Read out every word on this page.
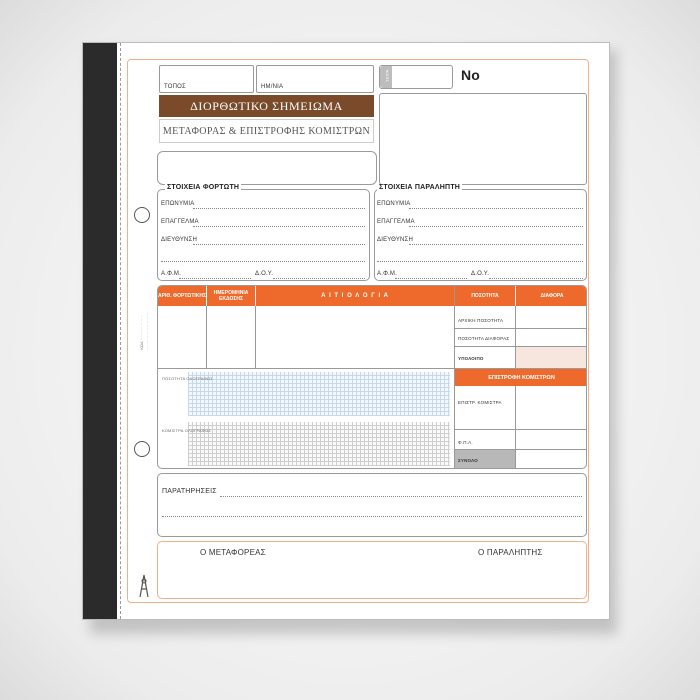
ΚΩΔ ·· ·· ·· ·· ·· ·· ··
·· ·· ·· ·· ·· ·· ·· ·· ·· ··
ΤΟΠΟΣ	ΗΜ/ΝΙΑ
ΔΙΟΡΘΩΤΙΚΟ ΣΗΜΕΙΩΜΑ
ΜΕΤΑΦΟΡΑΣ & ΕΠΙΣΤΡΟΦΗΣ ΚΟΜΙΣΤΡΩΝ
ΣΕΙΡΑ	No
ΣΤΟΙΧΕΙΑ ΦΟΡΤΩΤΗ
ΕΠΩΝΥΜΙΑ
ΕΠΑΓΓΕΛΜΑ
ΔΙΕΥΘΥΝΣΗ
Α.Φ.Μ.	Δ.Ο.Υ.
ΣΤΟΙΧΕΙΑ ΠΑΡΑΛΗΠΤΗ
ΕΠΩΝΥΜΙΑ
ΕΠΑΓΓΕΛΜΑ
ΔΙΕΥΘΥΝΣΗ
Α.Φ.Μ.	Δ.Ο.Υ.
ΑΡΙΘ. ΦΟΡΤΩΤΙΚΗΣ	ΗΜΕΡΟΜΗΝΙΑ ΕΚΔΟΣΗΣ	Α Ι Τ Ι Ο Λ Ο Γ Ι Α	ΠΟΣΟΤΗΤΑ	ΔΙΑΦΟΡΑ
ΑΡΧΙΚΗ ΠΟΣΟΤΗΤΑ
ΠΟΣΟΤΗΤΑ ΔΙΑΦΟΡΑΣ
ΥΠΟΛΟΙΠΟ
ΕΠΙΣΤΡΟΦΗ ΚΟΜΙΣΤΡΩΝ
ΠΟΣΟΤΗΤΑ ΟΛΟΓΡΑΦΩΣ
ΚΟΜΙΣΤΡΑ ΟΛΟΓΡΑΦΩΣ
ΕΠΙΣΤΡ. ΚΟΜΙΣΤΡΑ
Φ.Π.Α.
ΣΥΝΟΛΟ
ΠΑΡΑΤΗΡΗΣΕΙΣ
Ο ΜΕΤΑΦΟΡΕΑΣ	Ο ΠΑΡΑΛΗΠΤΗΣ
